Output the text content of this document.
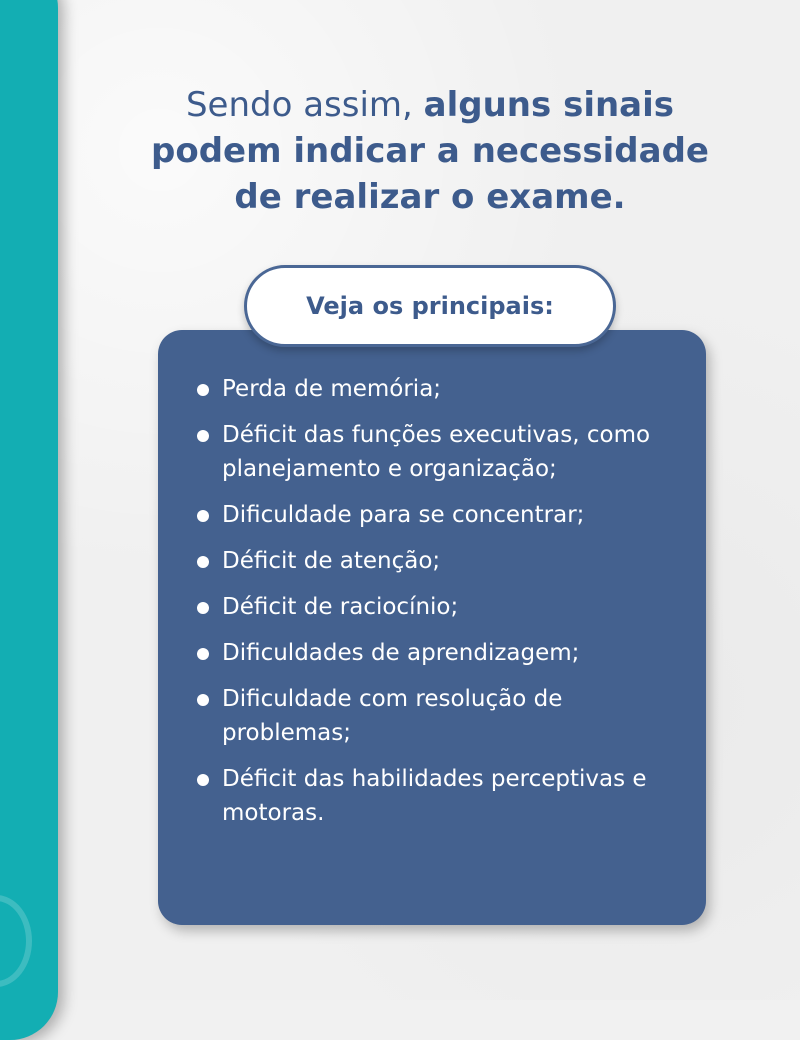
Sendo assim, alguns sinais podem indicar a necessidade de realizar o exame.
Veja os principais:
Perda de memória;
Déficit das funções executivas, como planejamento e organização;
Dificuldade para se concentrar;
Déficit de atenção;
Déficit de raciocínio;
Dificuldades de aprendizagem;
Dificuldade com resolução de problemas;
Déficit das habilidades perceptivas e motoras.
